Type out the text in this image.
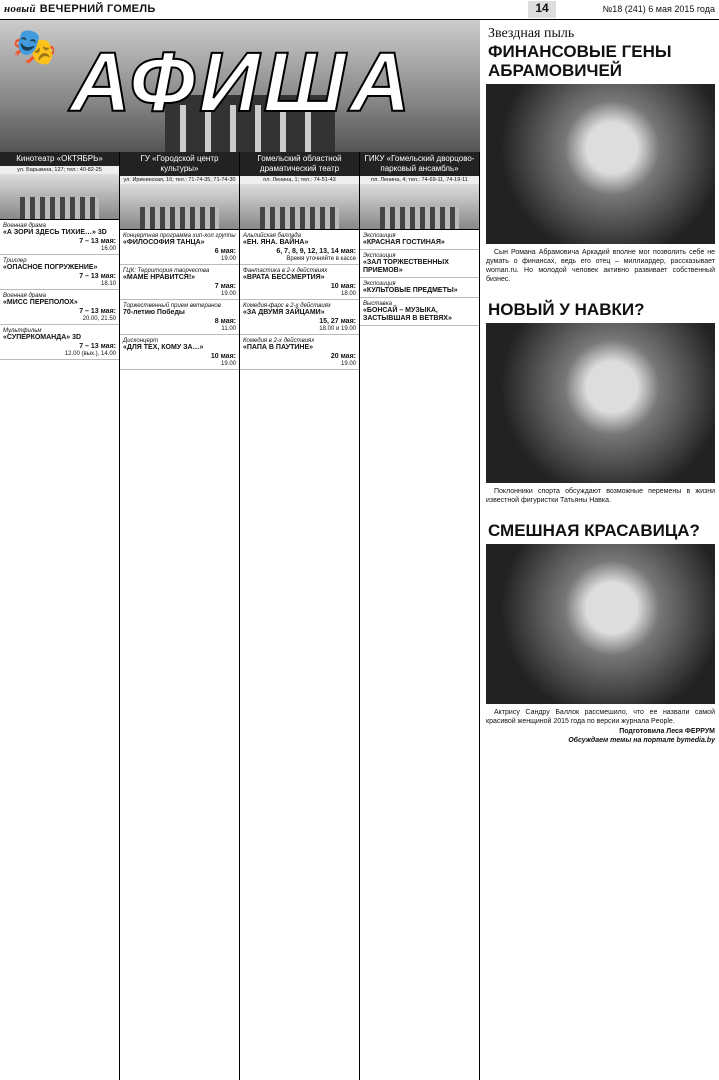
новый ВЕЧЕРНИЙ ГОМЕЛЬ	14	№18 (241) 6 мая 2015 года
🎭 АФИША
Кинотеатр «ОКТЯБРЬ»
ул. Барыкина, 127; тел.: 40-82-25
Военная драма
«А ЗОРИ ЗДЕСЬ ТИХИЕ…» 3D
7 – 13 мая:
16.00
Триллер
«ОПАСНОЕ ПОГРУЖЕНИЕ»
7 – 13 мая:
18.10
Военная драма
«МИСС ПЕРЕПОЛОХ»
7 – 13 мая:
20.00, 21.50
Мультфильм
«СУПЕРКОМАНДА» 3D
7 – 13 мая:
12.00 (вых.), 14.00
ГУ «Городской центр культуры»
ул. Ирининская, 16; тел.: 71-74-35, 71-74-30
Концертная программа хип-хоп группы
«ФИЛОСОФИЯ ТАНЦА»
6 мая:
19.00
ГЦК: Территория творчества
«МАМЕ НРАВИТСЯ!»
7 мая:
19.00
Торжественный прием ветеранов
70-летию Победы
8 мая:
11.00
Дисконцерт
«ДЛЯ ТЕХ, КОМУ ЗА…»
10 мая:
19.00
Гомельский областной драматический театр
пл. Ленина, 1; тел.: 74-51-43
Альпийская баллада
«ЕН. ЯНА. ВАЙНА»
6, 7, 8, 9, 12, 13, 14 мая:
Время уточняйте в кассе
Фантастика в 2-х действиях
«ВРАТА БЕССМЕРТИЯ»
10 мая:
18.00
Комедия-фарс в 2-х действиях
«ЗА ДВУМЯ ЗАЙЦАМИ»
15, 27 мая:
18.00 и 19.00
Комедия в 2-х действиях
«ПАПА В ПАУТИНЕ»
20 мая:
19.00
ГИКУ «Гомельский дворцово-парковый ансамбль»
пл. Ленина, 4; тел.: 74-69-11, 74-19-11
Экспозиция
«КРАСНАЯ ГОСТИНАЯ»
Экспозиция
«ЗАЛ ТОРЖЕСТВЕННЫХ ПРИЕМОВ»
Экспозиция
«КУЛЬТОВЫЕ ПРЕДМЕТЫ»
Выставка
«БОНСАЙ – МУЗЫКА, ЗАСТЫВШАЯ В ВЕТВЯХ»
Звездная пыль
ФИНАНСОВЫЕ ГЕНЫ АБРАМОВИЧЕЙ

Сын Романа Абрамовича Аркадий вполне мог позволить себе не думать о финансах, ведь его отец – миллиардер, рассказывает woman.ru. Но молодой человек активно развивает собственный бизнес.

НОВЫЙ У НАВКИ?

Поклонники спорта обсуждают возможные перемены в жизни известной фигуристки Татьяны Навка.

СМЕШНАЯ КРАСАВИЦА?

Актрису Сандру Баллок рассмешило, что ее назвали самой красивой женщиной 2015 года по версии журнала People.

Подготовила Леся ФЕРРУМ
Обсуждаем темы на портале bymedia.by
